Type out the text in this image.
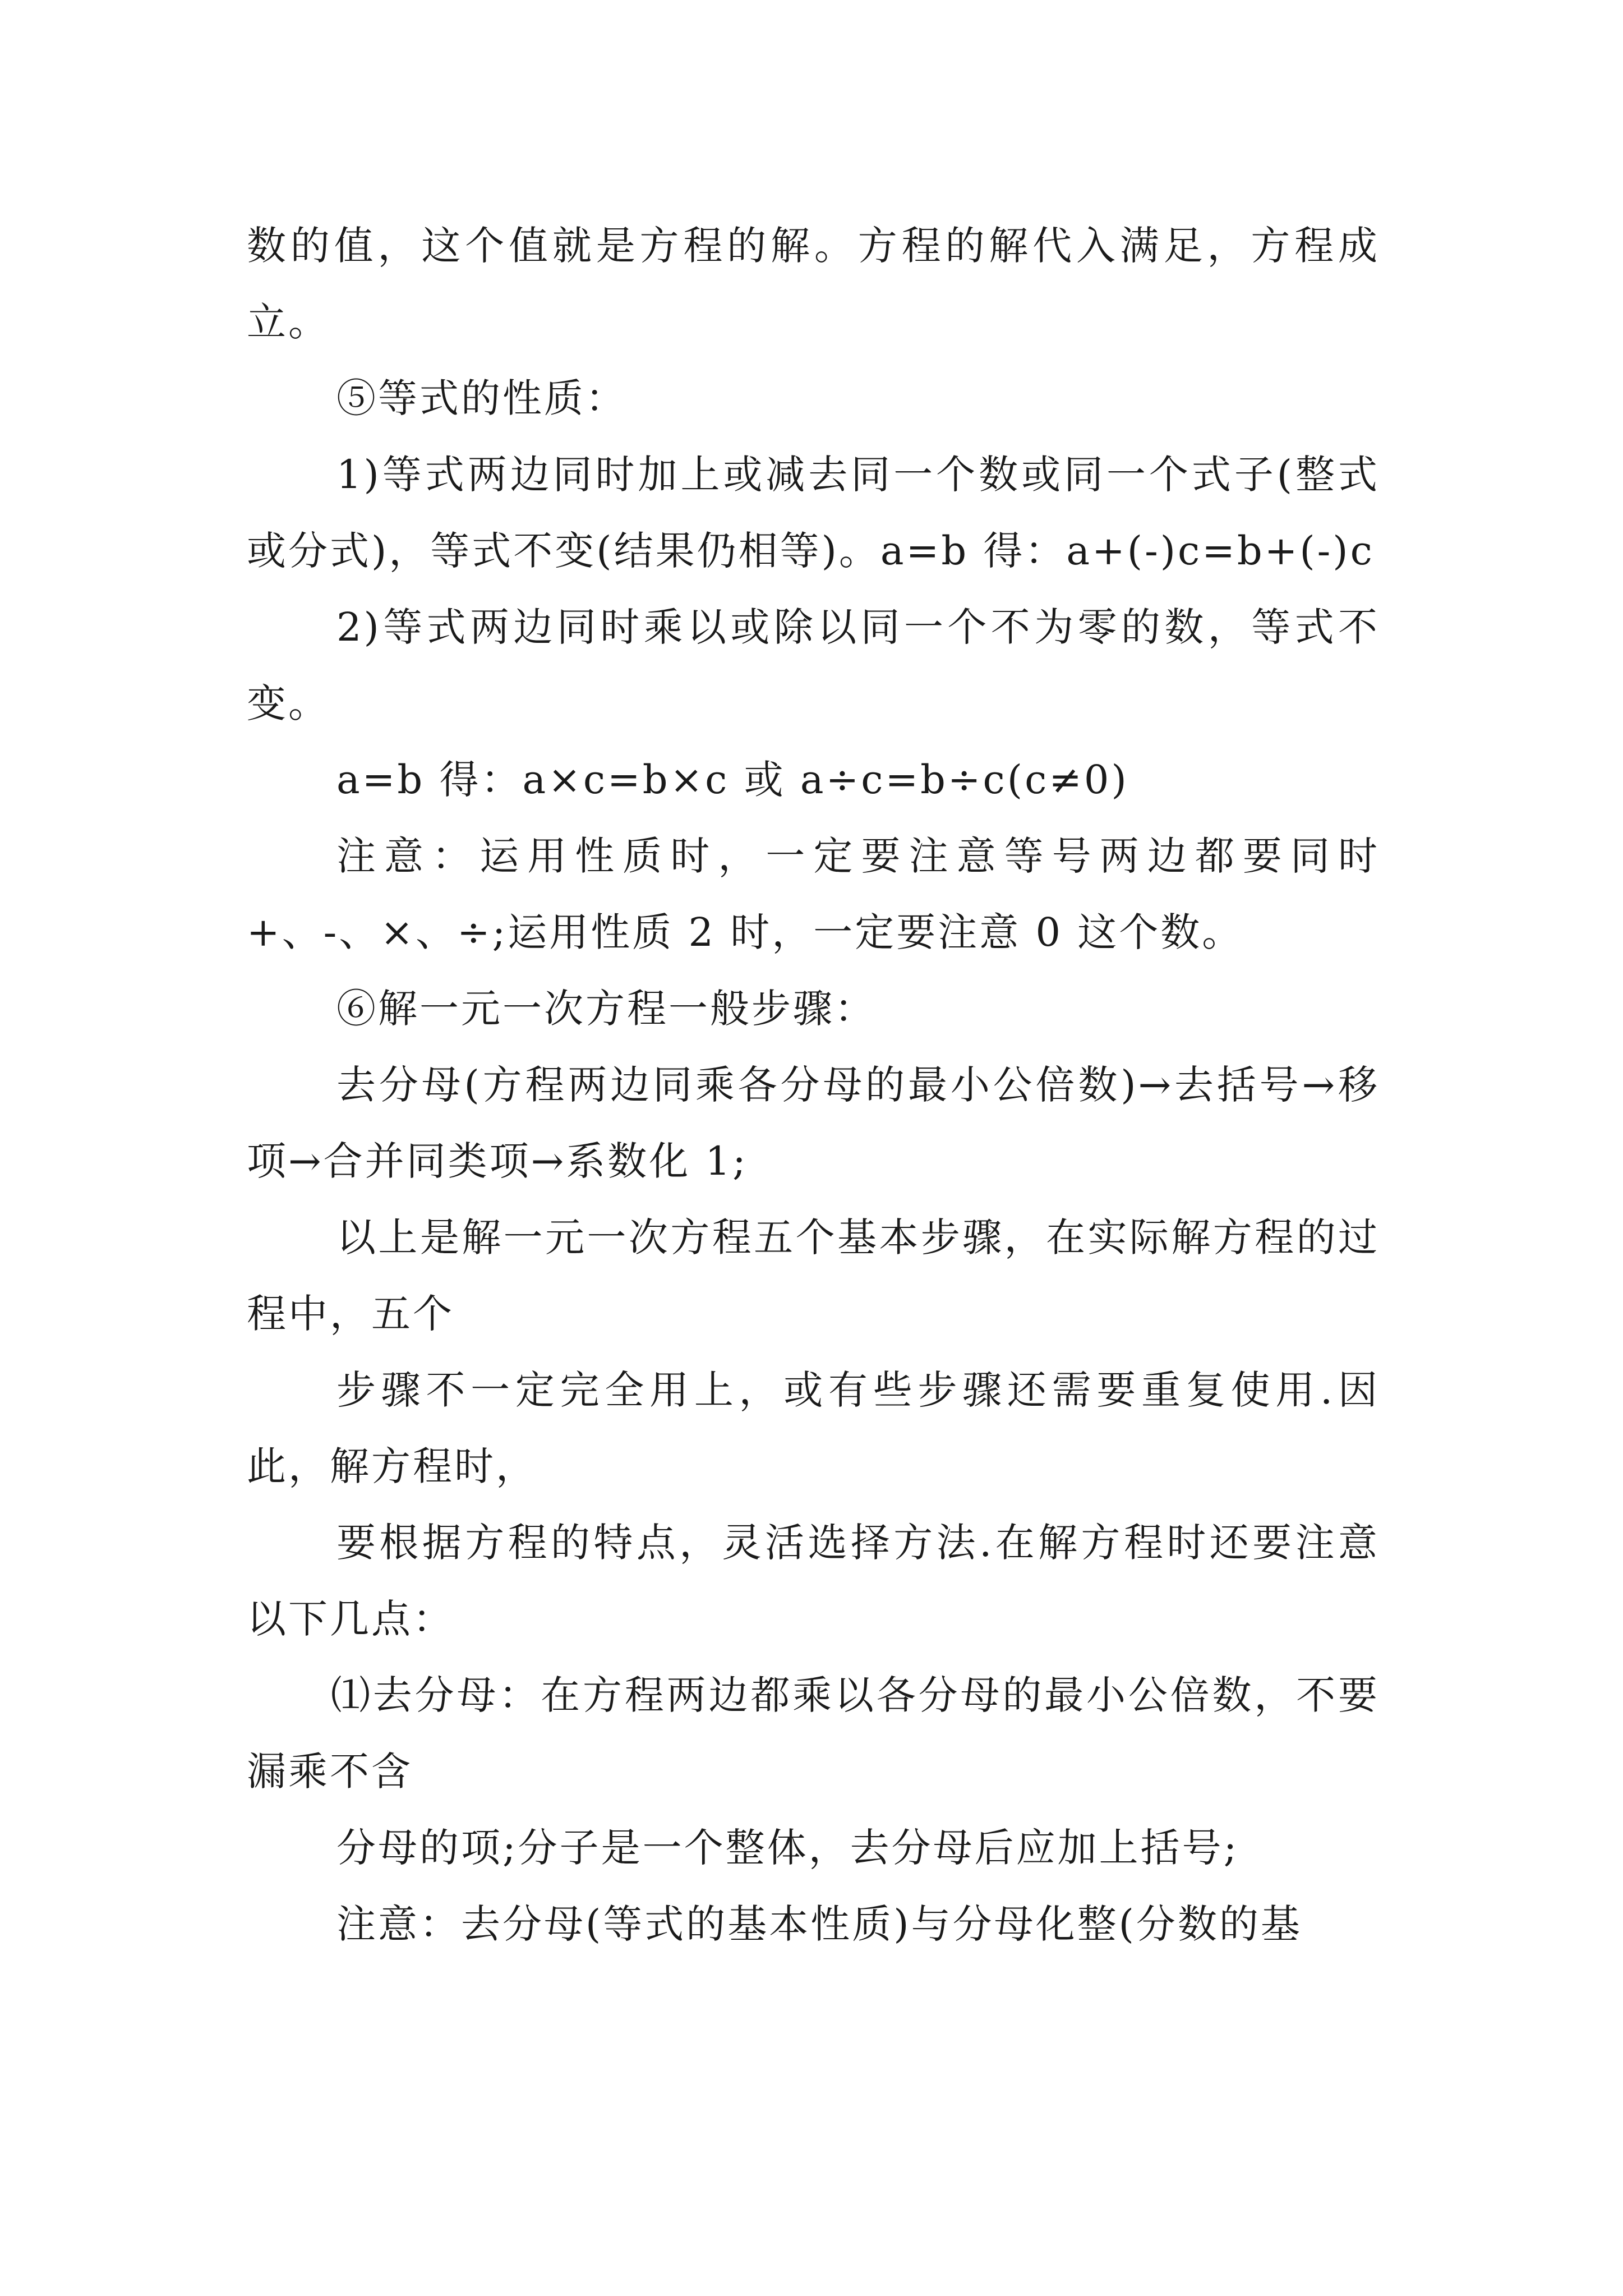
数的值，这个值就是方程的解。方程的解代入满足，方程成立。

⑤等式的性质：

1)等式两边同时加上或减去同一个数或同一个式子(整式或分式)，等式不变(结果仍相等)。a=b 得：a+(-)c=b+(-)c

2)等式两边同时乘以或除以同一个不为零的数，等式不变。

a=b 得：a×c=b×c 或 a÷c=b÷c(c≠0)

注意：运用性质时，一定要注意等号两边都要同时+、-、×、÷;运用性质 2 时，一定要注意 0 这个数。

⑥解一元一次方程一般步骤：

去分母(方程两边同乘各分母的最小公倍数)→去括号→移项→合并同类项→系数化 1;

以上是解一元一次方程五个基本步骤，在实际解方程的过程中，五个

步骤不一定完全用上，或有些步骤还需要重复使用.因此，解方程时，

要根据方程的特点，灵活选择方法.在解方程时还要注意以下几点：

⑴去分母：在方程两边都乘以各分母的最小公倍数，不要漏乘不含

分母的项;分子是一个整体，去分母后应加上括号;

注意：去分母(等式的基本性质)与分母化整(分数的基
